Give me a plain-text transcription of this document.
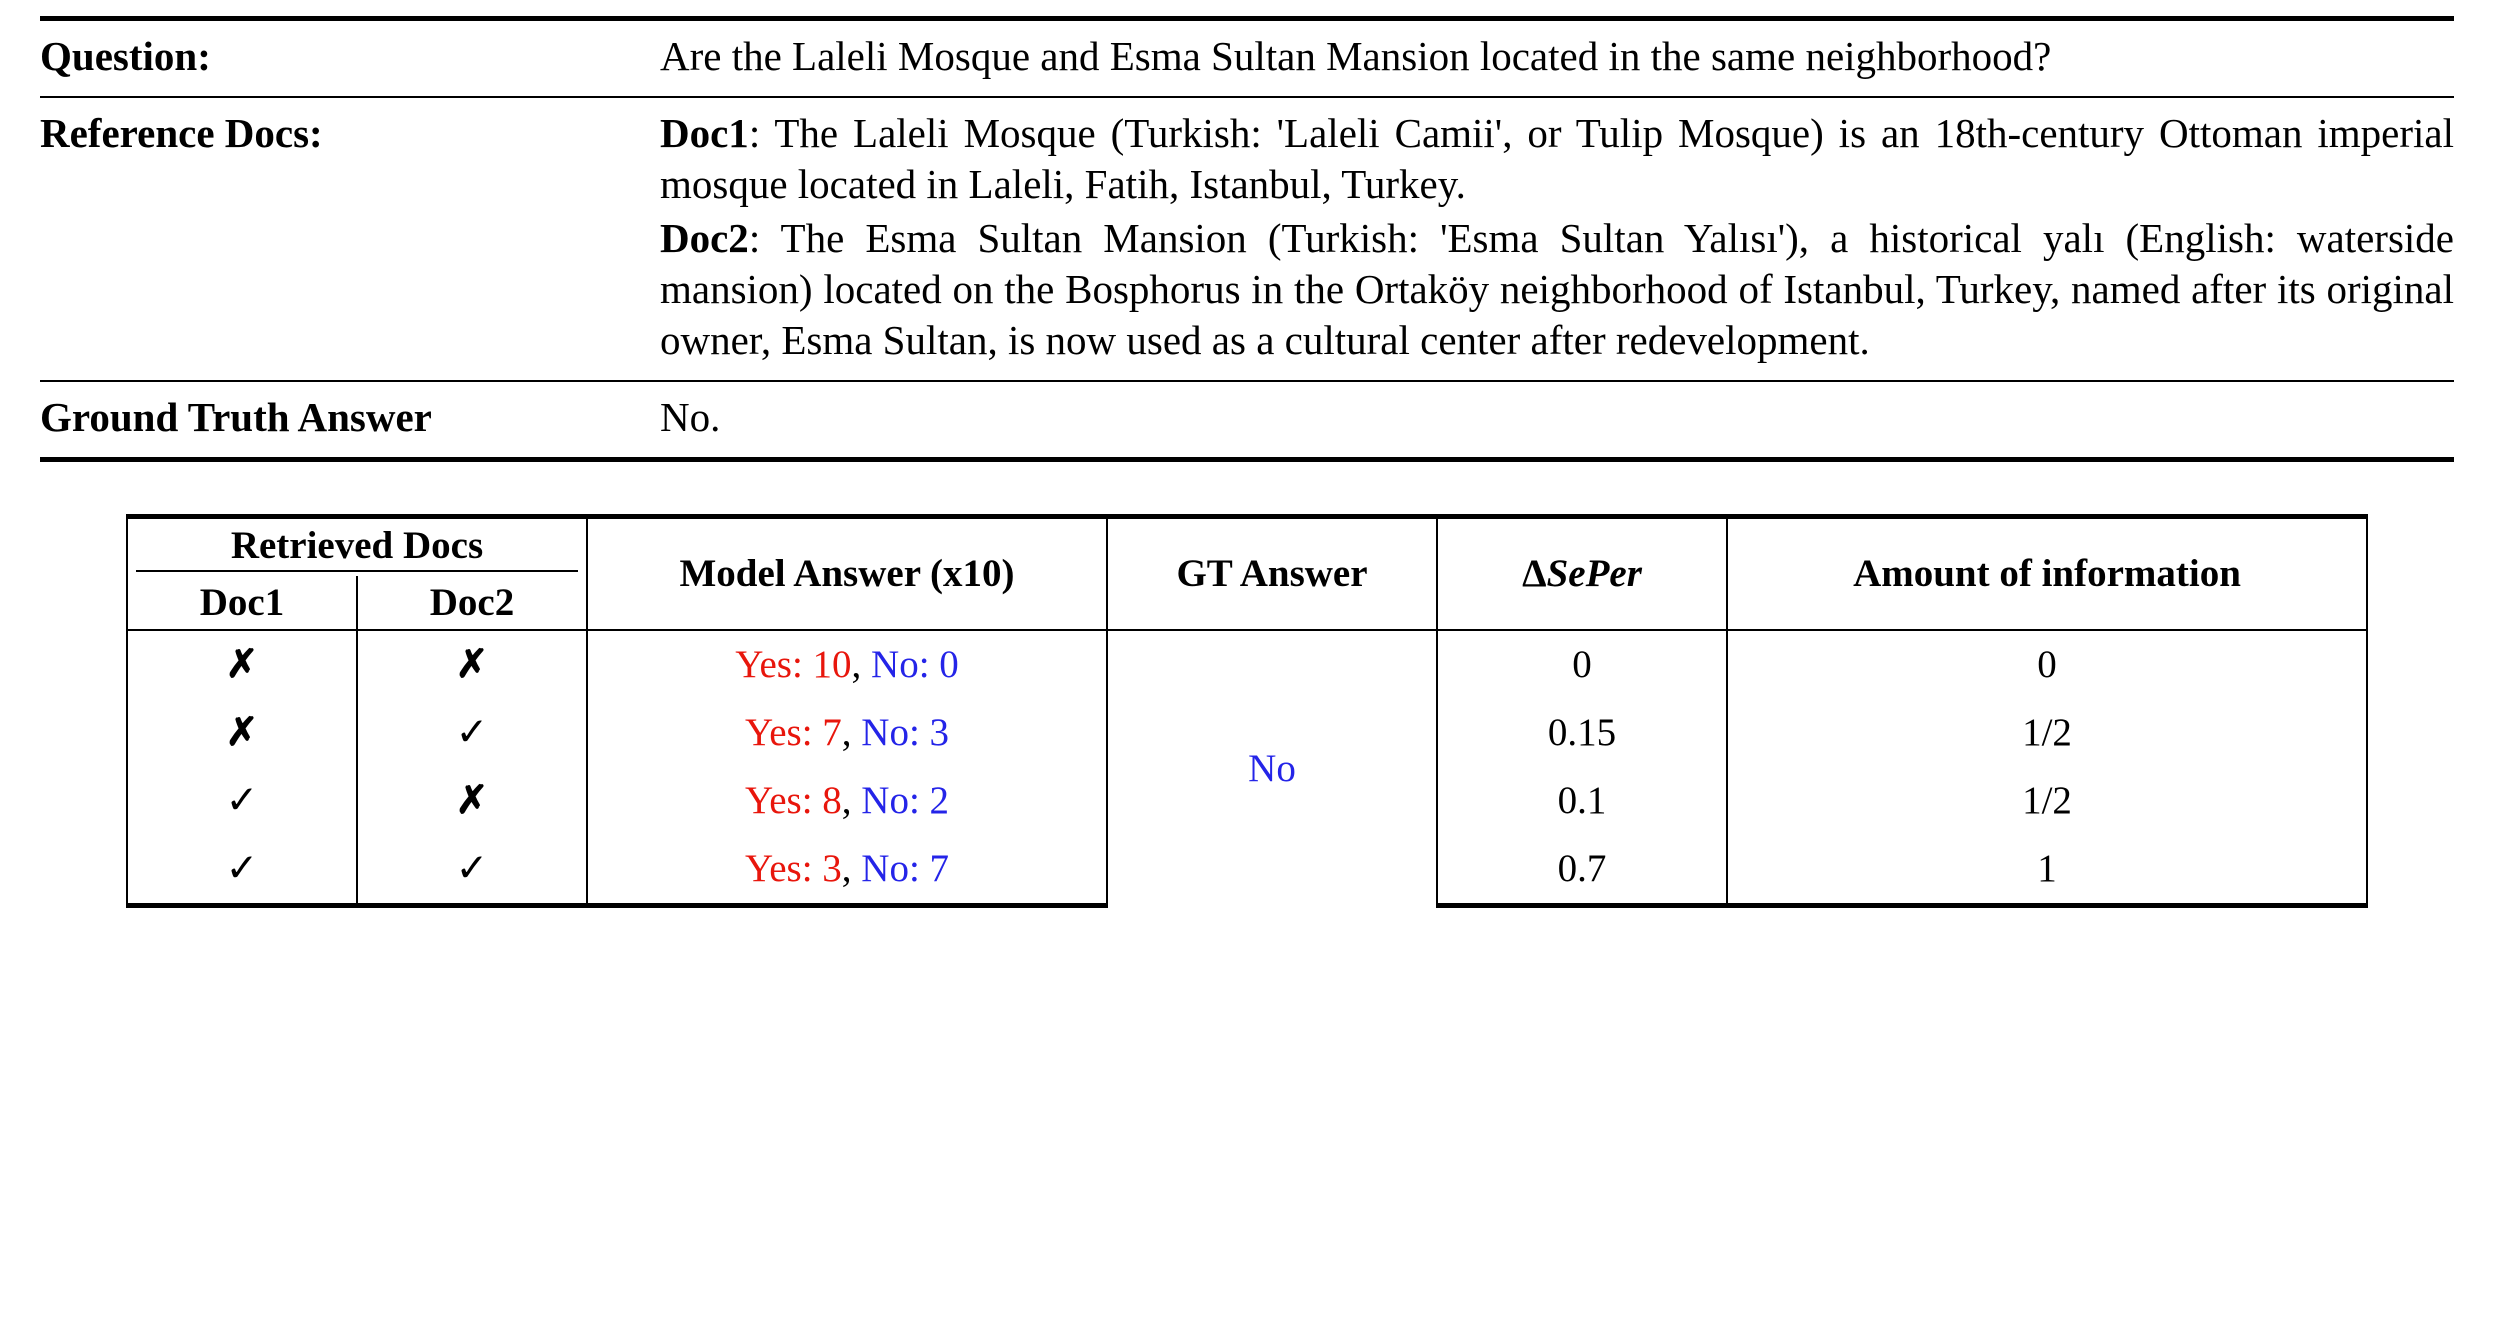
Question:	Are the Laleli Mosque and Esma Sultan Mansion located in the same neighborhood?
Reference Docs:	Doc1: The Laleli Mosque (Turkish: 'Laleli Camii', or Tulip Mosque) is an 18th-century Ottoman imperial mosque located in Laleli, Fatih, Istanbul, Turkey.
Doc2: The Esma Sultan Mansion (Turkish: 'Esma Sultan Yalısı'), a historical yalı (English: waterside mansion) located on the Bosphorus in the Ortaköy neighborhood of Istanbul, Turkey, named after its original owner, Esma Sultan, is now used as a cultural center after redevelopment.

Ground Truth Answer	No.
Retrieved Docs		Model Answer (x10)	GT Answer	ΔSePer	Amount of information
Doc1	Doc2				
✗	✗	Yes: 10, No: 0	No	0	0
✗	✓	Yes: 7, No: 3		0.15	1/2
✓	✗	Yes: 8, No: 2		0.1	1/2
✓	✓	Yes: 3, No: 7		0.7	1
